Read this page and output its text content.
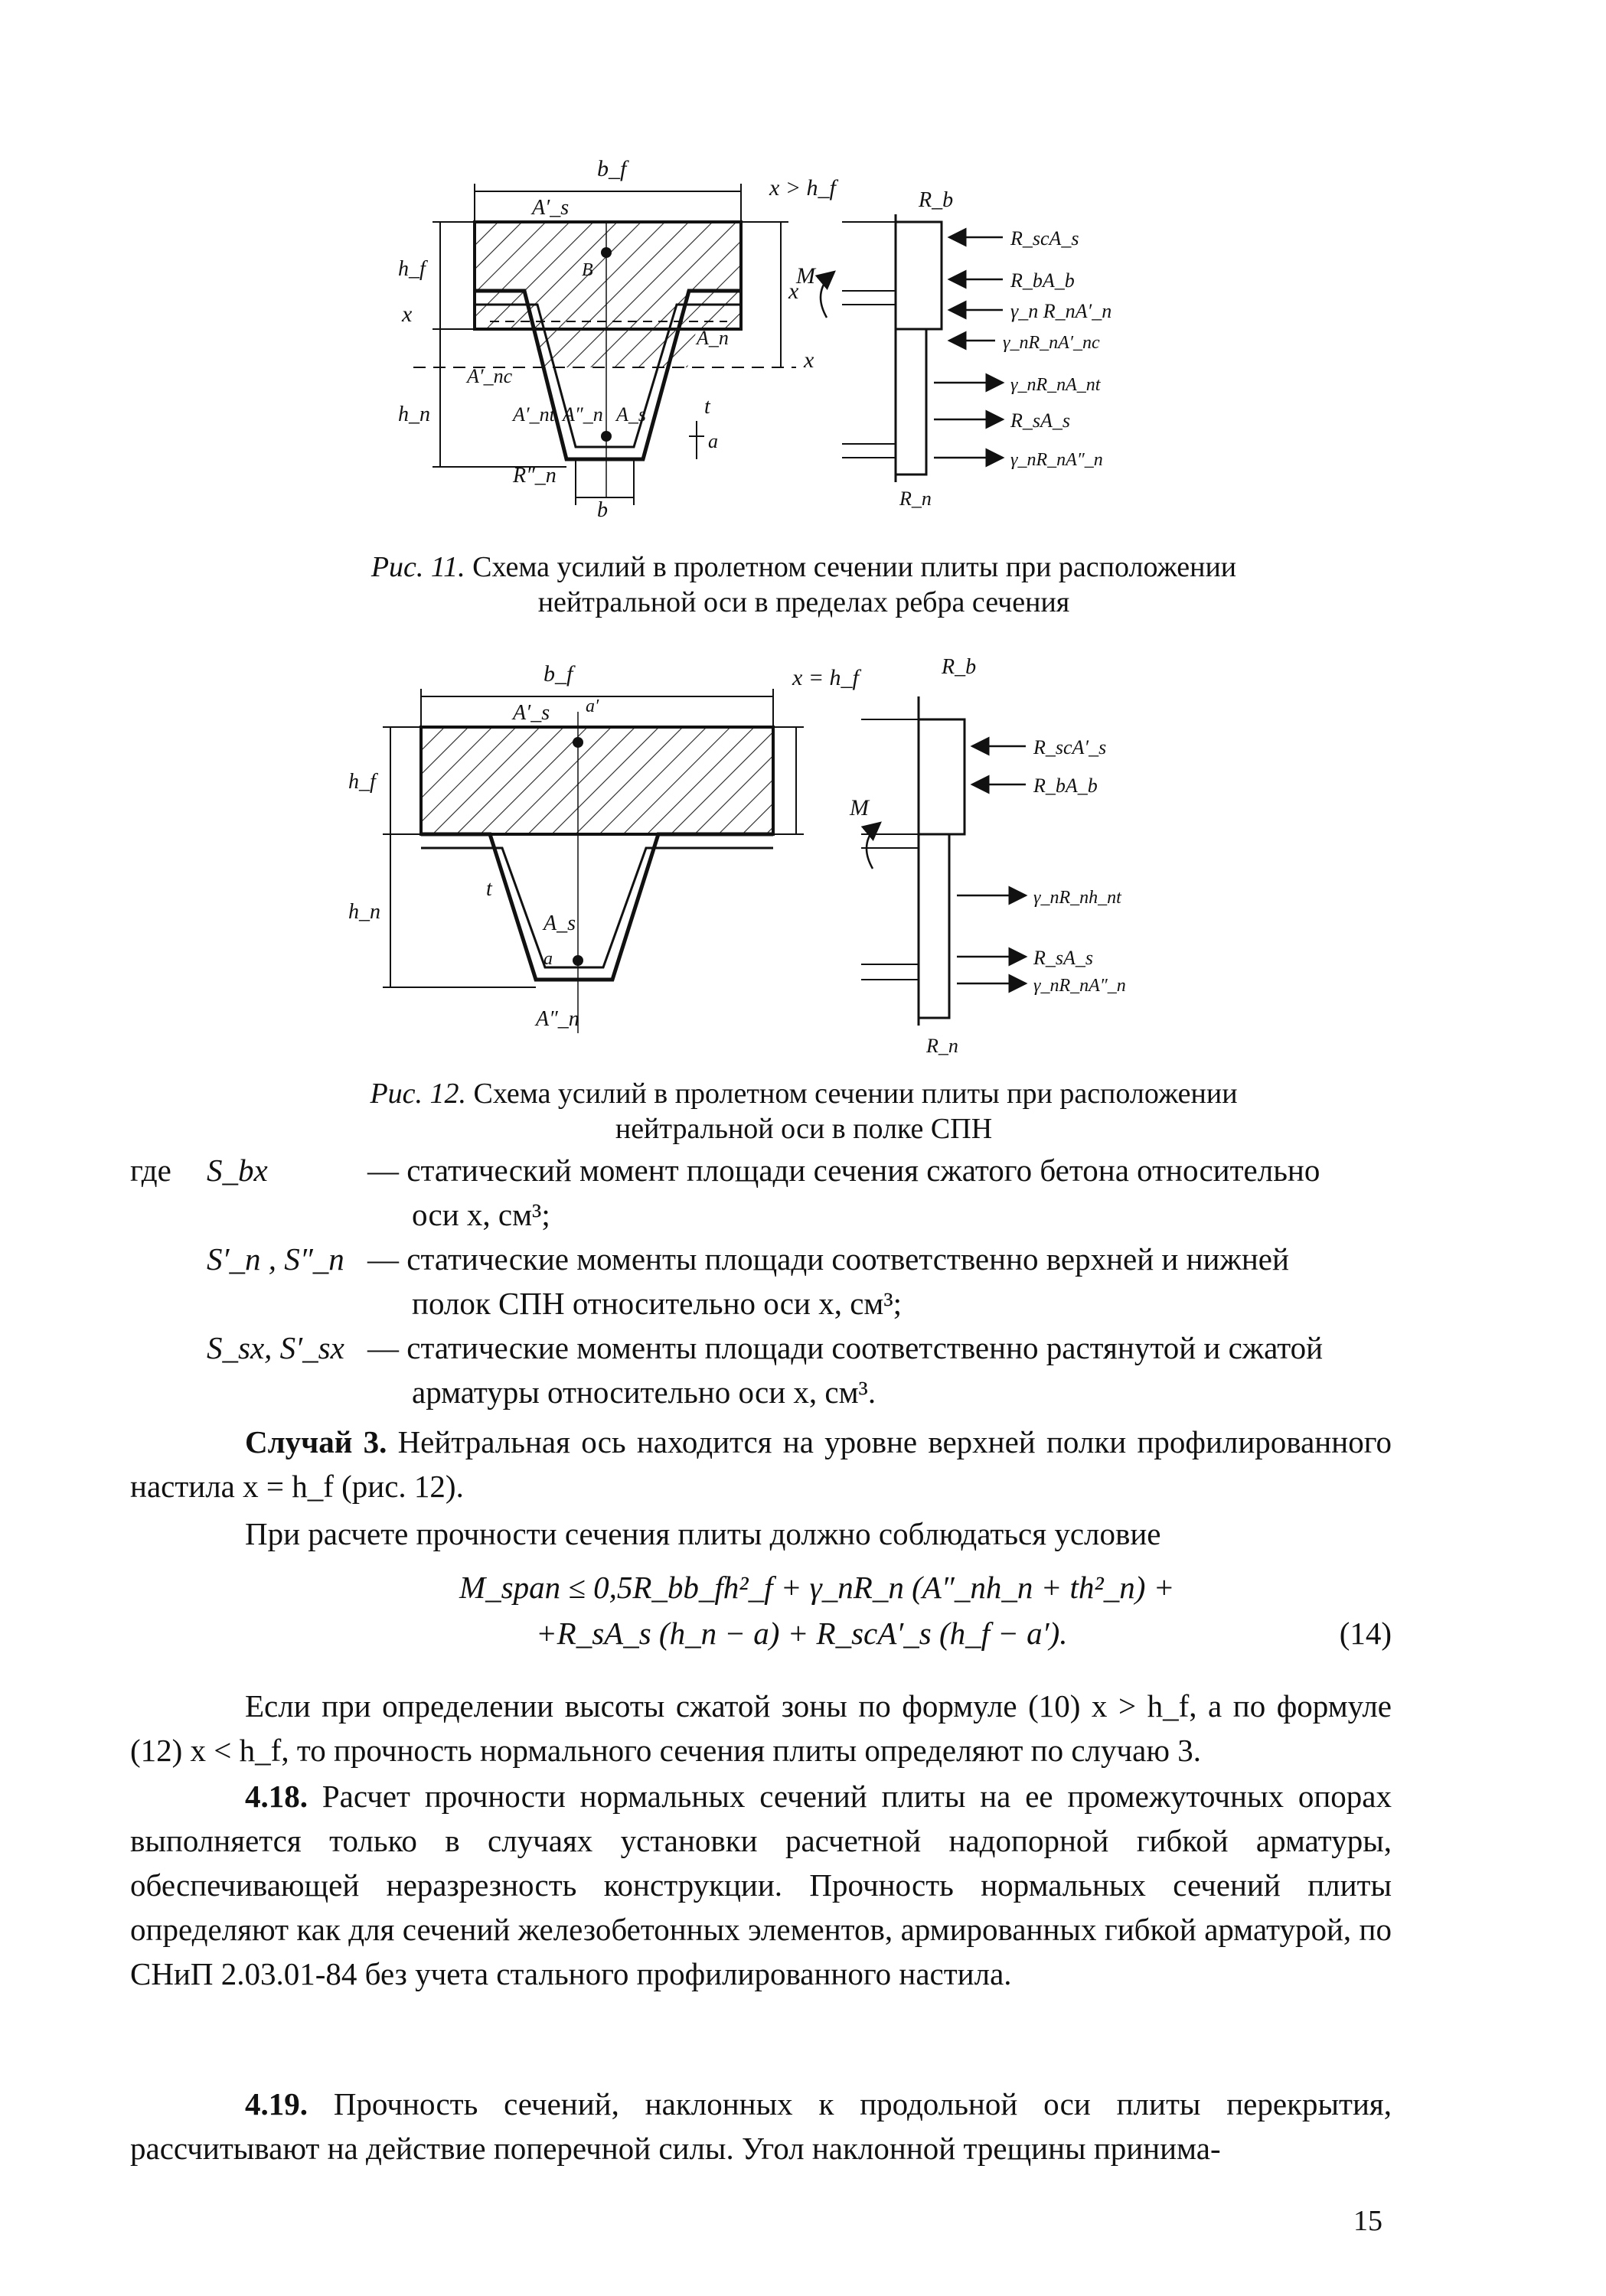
b_f
x > h_f
A′_s
В
h_f
x
h_n
A′_nc
A′_nt A″_n A_s	t
a
R″_n
b
A_n
x
x
R_b
M
R_n
R_scA_s
R_bA_b
γ_n R_nA′_n
γ_nR_nA′_nc
γ_nR_nA_nt
R_sA_s
γ_nR_nA″_n
Рис. 11. Схема усилий в пролетном сечении плиты при расположении
нейтральной оси в пределах ребра сечения
b_f	x = h_f
A′_s a′
h_f
h_n
t
A_s
a
A″_n
R_b
M
R_n
R_scA′_s
R_bA_b
γ_nR_nh_nt
R_sA_s
γ_nR_nA″_n
Рис. 12. Схема усилий в пролетном сечении плиты при расположении
нейтральной оси в полке СПН
где S_bx	— статический момент площади сечения сжатого бетона относительно
оси x, см³;
S′_n , S″_n — статические моменты площади соответственно верхней и нижней
полок СПН относительно оси x, см³;
S_sx, S′_sx — статические моменты площади соответственно растянутой и сжатой
арматуры относительно оси x, см³.

Случай 3. Нейтральная ось находится на уровне верхней полки профилированного настила x = h_f (рис. 12).

При расчете прочности сечения плиты должно соблюдаться условие

M_span ≤ 0,5R_bb_fh²_f + γ_nR_n (A″_nh_n + th²_n) +
+R_sA_s (h_n − a) + R_scA′_s (h_f − a′).	(14)

Если при определении высоты сжатой зоны по формуле (10) x > h_f, а по формуле (12) x < h_f, то прочность нормального сечения плиты определяют по случаю 3.

4.18. Расчет прочности нормальных сечений плиты на ее промежуточных опорах выполняется только в случаях установки расчетной надопорной гибкой арматуры, обеспечивающей неразрезность конструкции. Прочность нормальных сечений плиты определяют как для сечений железобетонных элементов, армированных гибкой арматурой, по СНиП 2.03.01-84 без учета стального профилированного настила.

4.19. Прочность сечений, наклонных к продольной оси плиты перекрытия, рассчитывают на действие поперечной силы. Угол наклонной трещины принима-

15
